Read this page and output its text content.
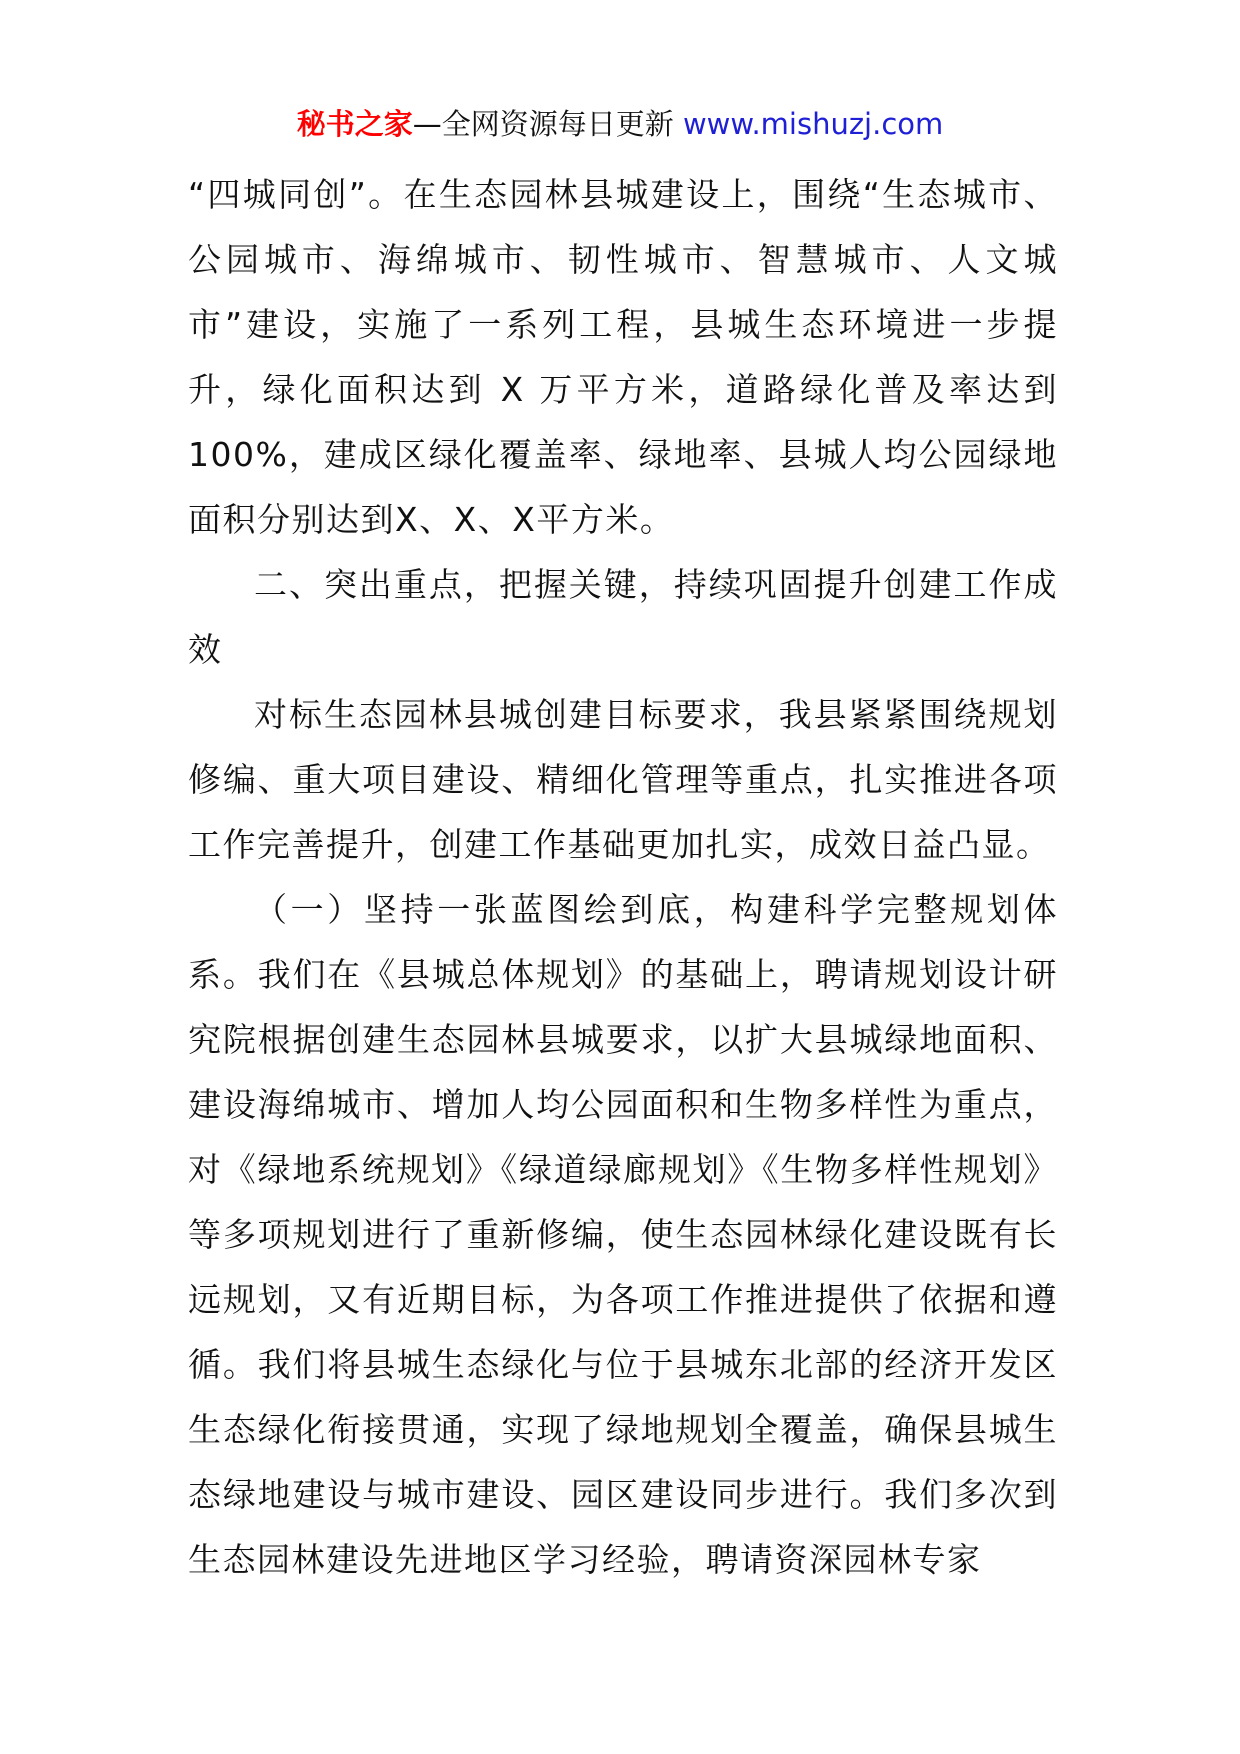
秘书之家—全网资源每日更新 www.mishuzj.com

“四城同创”。在生态园林县城建设上，围绕“生态城市、公园城市、海绵城市、韧性城市、智慧城市、人文城市”建设，实施了一系列工程，县城生态环境进一步提升，绿化面积达到 X 万平方米，道路绿化普及率达到100%，建成区绿化覆盖率、绿地率、县城人均公园绿地面积分别达到X、X、X平方米。

二、突出重点，把握关键，持续巩固提升创建工作成效

对标生态园林县城创建目标要求，我县紧紧围绕规划修编、重大项目建设、精细化管理等重点，扎实推进各项工作完善提升，创建工作基础更加扎实，成效日益凸显。

（一）坚持一张蓝图绘到底，构建科学完整规划体系。我们在《县城总体规划》的基础上，聘请规划设计研究院根据创建生态园林县城要求，以扩大县城绿地面积、建设海绵城市、增加人均公园面积和生物多样性为重点，对《绿地系统规划》《绿道绿廊规划》《生物多样性规划》等多项规划进行了重新修编，使生态园林绿化建设既有长远规划，又有近期目标，为各项工作推进提供了依据和遵循。我们将县城生态绿化与位于县城东北部的经济开发区生态绿化衔接贯通，实现了绿地规划全覆盖，确保县城生态绿地建设与城市建设、园区建设同步进行。我们多次到生态园林建设先进地区学习经验，聘请资深园林专家
